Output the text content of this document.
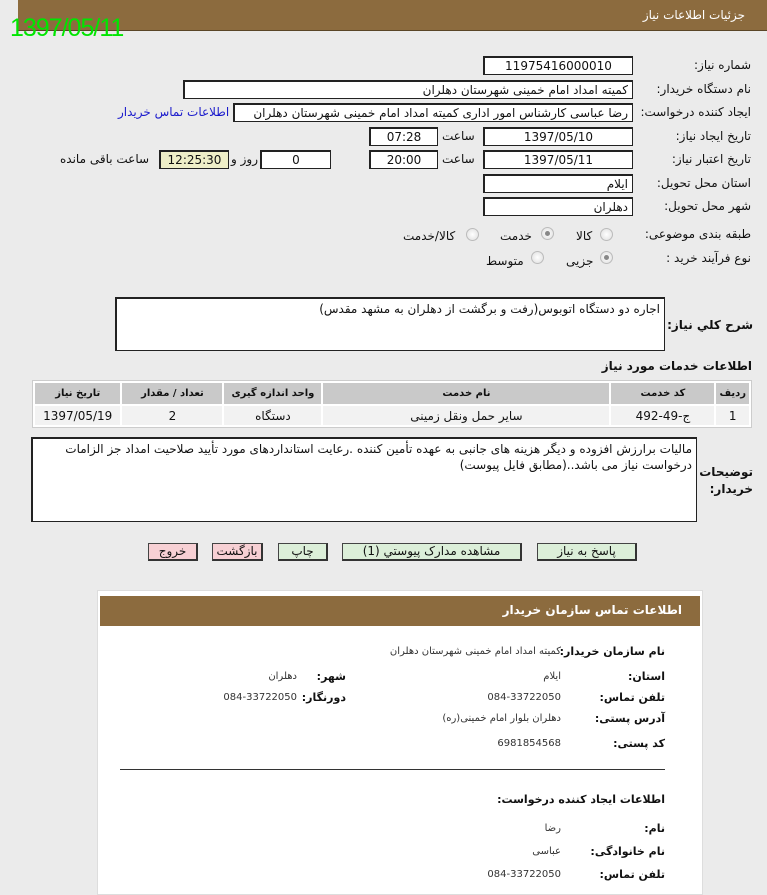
جزئیات اطلاعات نیاز
1397/05/11
شماره نیاز:
11975416000010
نام دستگاه خریدار:
کمیته امداد امام خمینی شهرستان دهلران
ایجاد کننده درخواست:
رضا عباسی کارشناس امور اداری کمیته امداد امام خمینی شهرستان دهلران
اطلاعات تماس خریدار
تاریخ ایجاد نیاز:
1397/05/10
ساعت
07:28
تاریخ اعتبار نیاز:
1397/05/11
ساعت
20:00
0
روز و
12:25:30
ساعت باقی مانده
استان محل تحویل:
ایلام
شهر محل تحویل:
دهلران
طبقه بندی موضوعی:
کالا
خدمت
کالا/خدمت
نوع فرآیند خرید :
جزیی
متوسط
شرح کلي نياز:
اجاره دو دستگاه اتوبوس(رفت و برگشت از دهلران به مشهد مقدس)
اطلاعات خدمات مورد نیاز
ردیف	کد خدمت	نام خدمت	واحد اندازه گیری	تعداد / مقدار	تاریخ نیاز
1	ج-49-492	سایر حمل ونقل زمینی	دستگاه	2	1397/05/19
توضیحات خریدار:
مالیات برارزش افزوده و دیگر هزینه های جانبی به عهده تأمین کننده .رعایت استانداردهای مورد تأیید صلاحیت امداد جز الزامات درخواست نیاز می باشد..(مطابق فایل پیوست)
پاسخ به نیاز
مشاهده مدارک پیوستي (1)
چاپ
بازگشت
خروج
اطلاعات تماس سازمان خریدار
نام سازمان خریدار:
کمیته امداد امام خمینی شهرستان دهلران
استان:
ایلام
شهر:
دهلران
تلفن تماس:
084-33722050
دورنگار:
084-33722050
آدرس پستی:
دهلران بلوار امام خمینی(ره)
کد پستی:
6981854568
اطلاعات ایجاد کننده درخواست:
نام:
رضا
نام خانوادگی:
عباسی
تلفن تماس:
084-33722050
